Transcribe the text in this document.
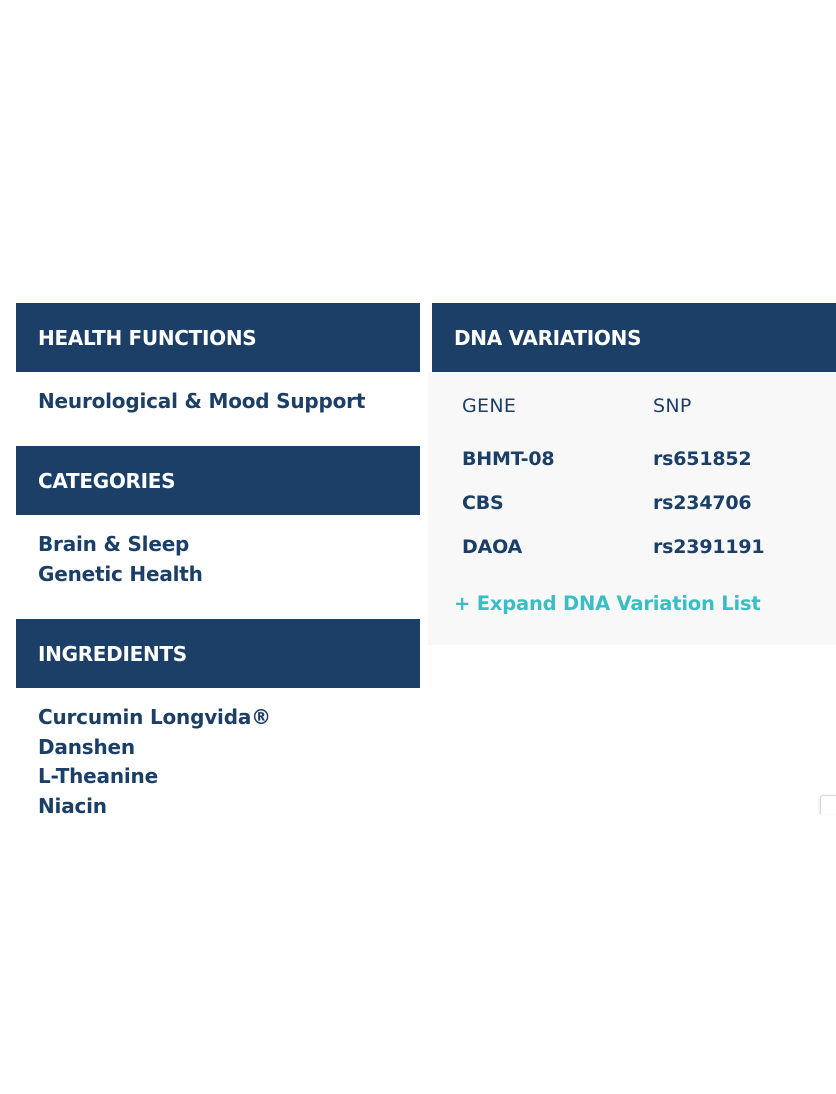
HEALTH FUNCTIONS
Neurological & Mood Support
CATEGORIES
Brain & Sleep
Genetic Health
INGREDIENTS
Curcumin Longvida®
Danshen
L-Theanine
Niacin
DNA VARIATIONS
GENE	SNP
BHMT-08	rs651852
CBS	rs234706
DAOA	rs2391191
+ Expand DNA Variation List
